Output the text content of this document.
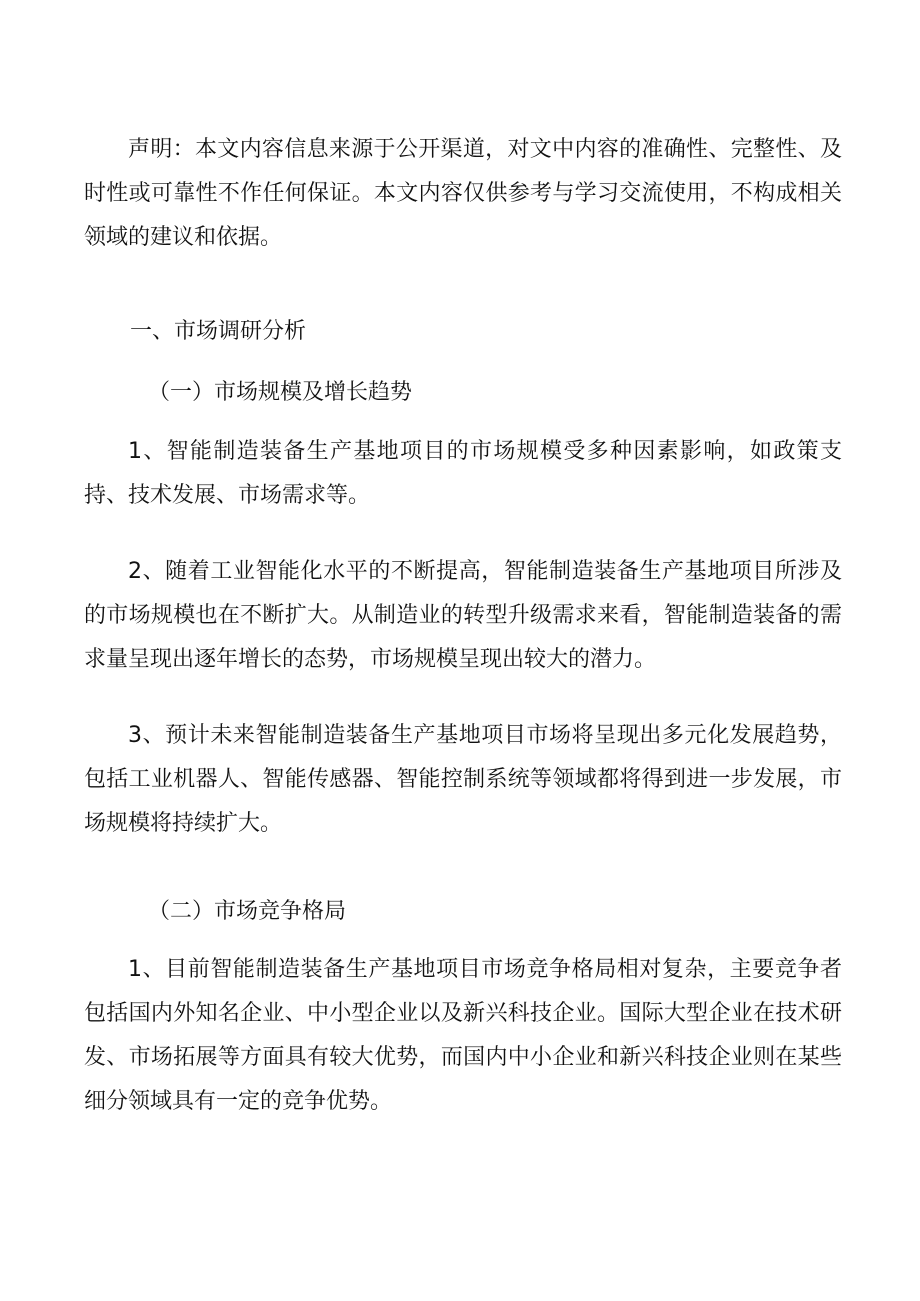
声明：本文内容信息来源于公开渠道，对文中内容的准确性、完整性、及时性或可靠性不作任何保证。本文内容仅供参考与学习交流使用，不构成相关领域的建议和依据。

一、市场调研分析

（一）市场规模及增长趋势

1、智能制造装备生产基地项目的市场规模受多种因素影响，如政策支持、技术发展、市场需求等。

2、随着工业智能化水平的不断提高，智能制造装备生产基地项目所涉及的市场规模也在不断扩大。从制造业的转型升级需求来看，智能制造装备的需求量呈现出逐年增长的态势，市场规模呈现出较大的潜力。

3、预计未来智能制造装备生产基地项目市场将呈现出多元化发展趋势，包括工业机器人、智能传感器、智能控制系统等领域都将得到进一步发展，市场规模将持续扩大。

（二）市场竞争格局

1、目前智能制造装备生产基地项目市场竞争格局相对复杂，主要竞争者包括国内外知名企业、中小型企业以及新兴科技企业。国际大型企业在技术研发、市场拓展等方面具有较大优势，而国内中小企业和新兴科技企业则在某些细分领域具有一定的竞争优势。
